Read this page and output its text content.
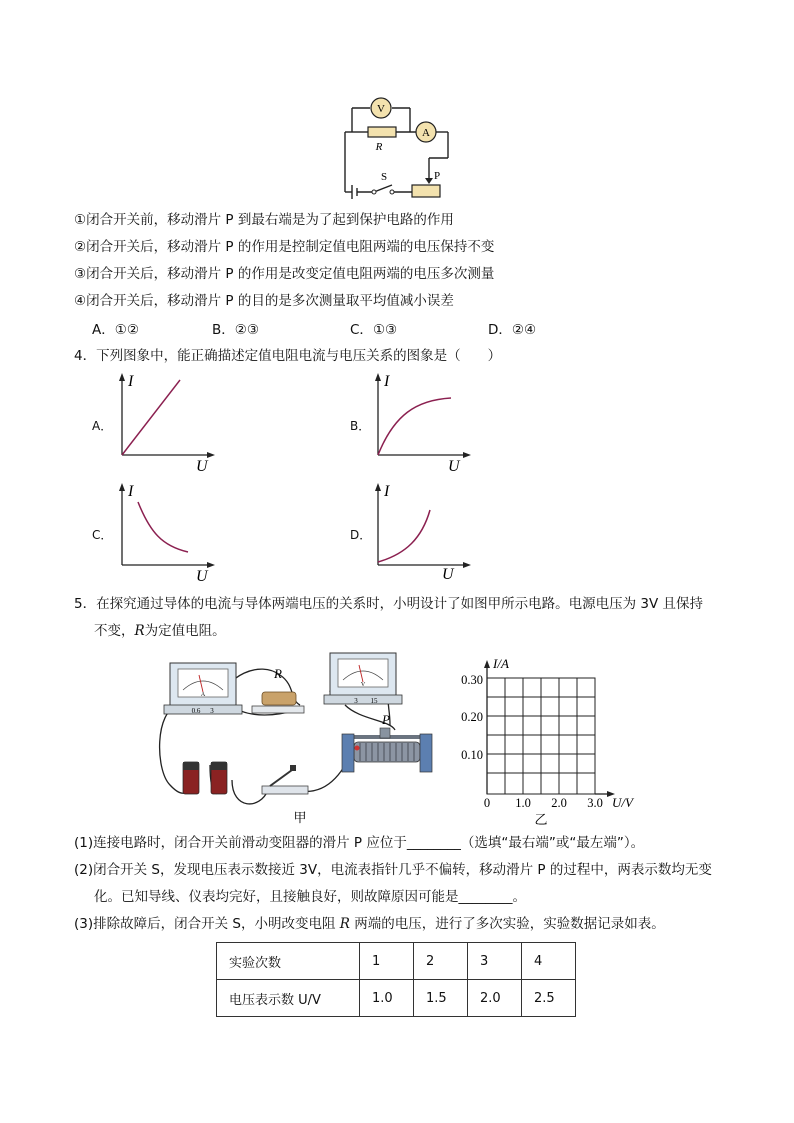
V
A
R
S	P
①闭合开关前，移动滑片 P 到最右端是为了起到保护电路的作用
②闭合开关后，移动滑片 P 的作用是控制定值电阻两端的电压保持不变
③闭合开关后，移动滑片 P 的作用是改变定值电阻两端的电压多次测量
④闭合开关后，移动滑片 P 的目的是多次测量取平均值减小误差
A．①②	B．②③	C．①③	D．②④
4．下列图象中，能正确描述定值电阻电流与电压关系的图象是（　　）
A．
I
U
B．
I
U
C．
I
U
D．
I
U
5．在探究通过导体的电流与导体两端电压的关系时，小明设计了如图甲所示电路。电源电压为 3V 且保持
不变，R为定值电阻。
A
0.6 3
R
V
3 15
P
甲
I/A
0.30
0.20
0.10
0 1.0 2.0 3.0 U/V
乙
(1)连接电路时，闭合开关前滑动变阻器的滑片 P 应位于________（选填“最右端”或“最左端”）。
(2)闭合开关 S，发现电压表示数接近 3V，电流表指针几乎不偏转，移动滑片 P 的过程中，两表示数均无变
化。已知导线、仪表均完好，且接触良好，则故障原因可能是________。
(3)排除故障后，闭合开关 S，小明改变电阻 R 两端的电压，进行了多次实验，实验数据记录如表。
实验次数	1	2	3	4
电压表示数 U/V	1.0	1.5	2.0	2.5
